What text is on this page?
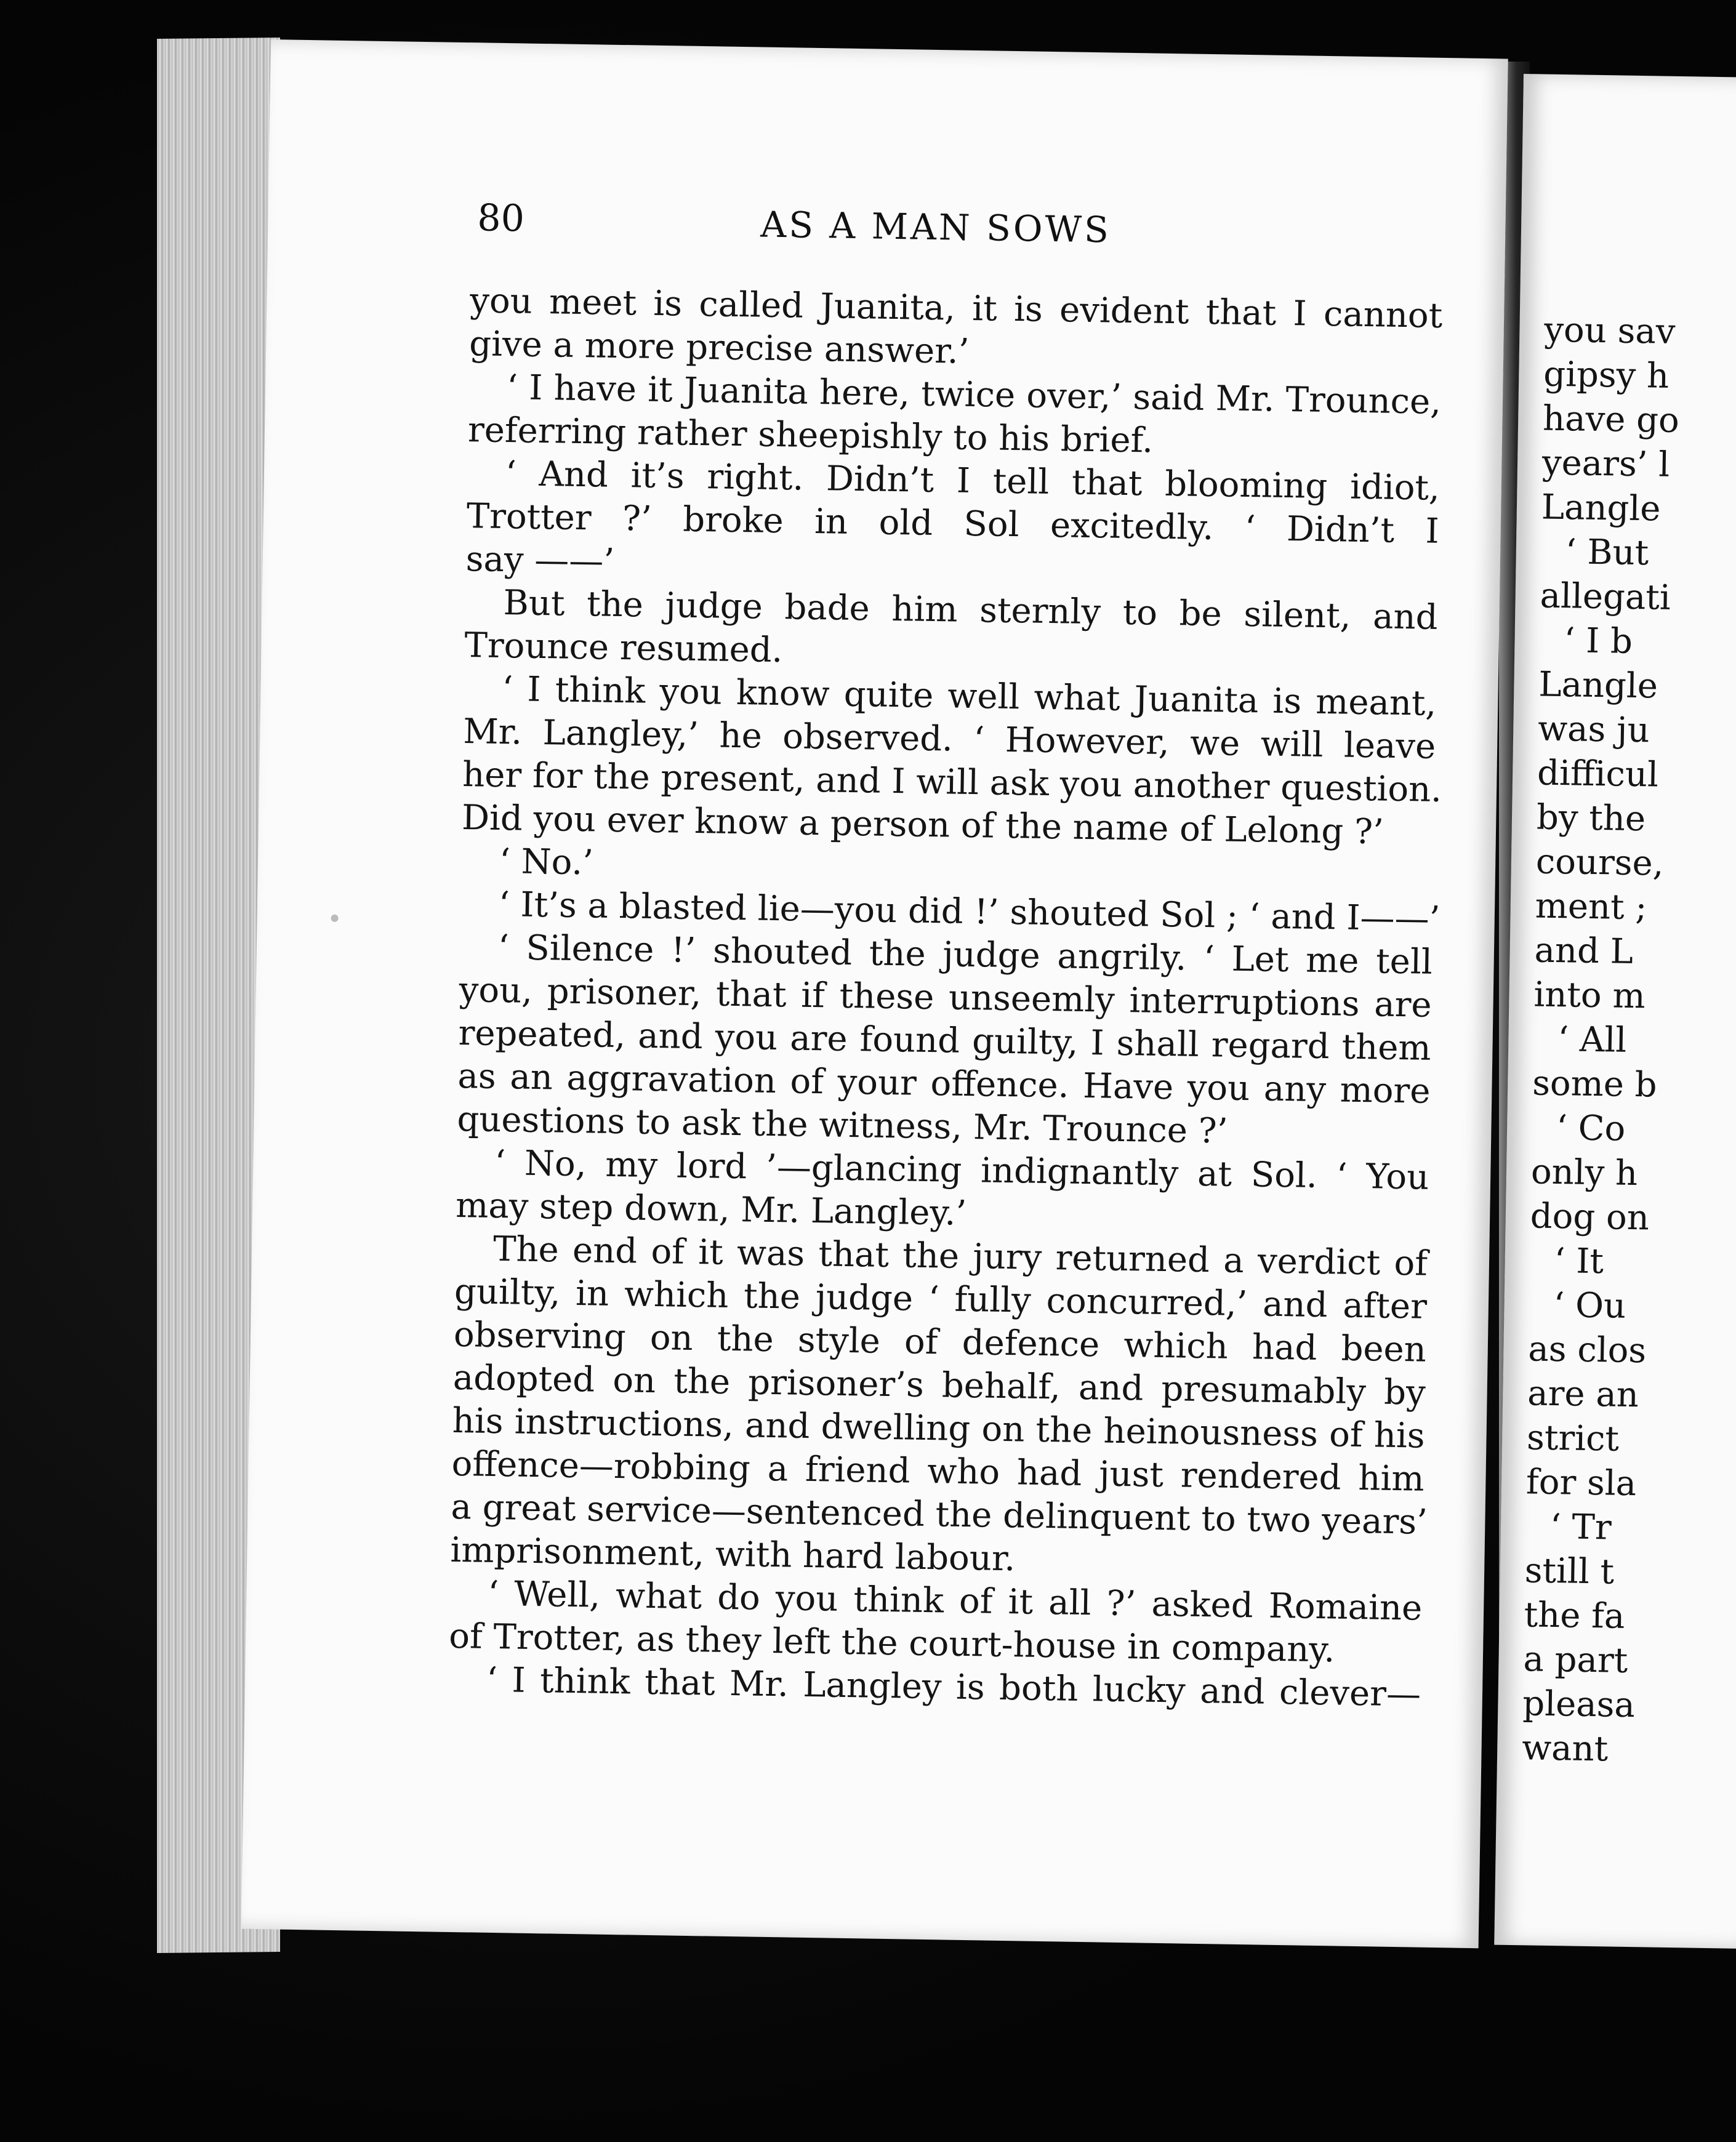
80	AS A MAN SOWS
you meet is called Juanita, it is evident that I cannot
give a more precise answer.’
‘ I have it Juanita here, twice over,’ said Mr. Trounce,
referring rather sheepishly to his brief.
‘ And it’s right. Didn’t I tell that blooming idiot,
Trotter ?’ broke in old Sol excitedly. ‘ Didn’t I
say ——’
But the judge bade him sternly to be silent, and
Trounce resumed.
‘ I think you know quite well what Juanita is meant,
Mr. Langley,’ he observed. ‘ However, we will leave
her for the present, and I will ask you another question.
Did you ever know a person of the name of Lelong ?’
‘ No.’
‘ It’s a blasted lie—you did !’ shouted Sol ; ‘ and I——’
‘ Silence !’ shouted the judge angrily. ‘ Let me tell
you, prisoner, that if these unseemly interruptions are
repeated, and you are found guilty, I shall regard them
as an aggravation of your offence. Have you any more
questions to ask the witness, Mr. Trounce ?’
‘ No, my lord ’—glancing indignantly at Sol. ‘ You
may step down, Mr. Langley.’
The end of it was that the jury returned a verdict of
guilty, in which the judge ‘ fully concurred,’ and after
observing on the style of defence which had been
adopted on the prisoner’s behalf, and presumably by
his instructions, and dwelling on the heinousness of his
offence—robbing a friend who had just rendered him
a great service—sentenced the delinquent to two years’
imprisonment, with hard labour.
‘ Well, what do you think of it all ?’ asked Romaine
of Trotter, as they left the court-house in company.
‘ I think that Mr. Langley is both lucky and clever—
you sav
gipsy h
have go
years’ l
Langle
‘ But
allegati
‘ I b
Langle
was ju
difficul
by the
course,
ment ;
and L
into m
‘ All
some b
‘ Co
only h
dog on
‘ It
‘ Ou
as clos
are an
strict
for sla
‘ Tr
still t
the fa
a part
pleasa
want
